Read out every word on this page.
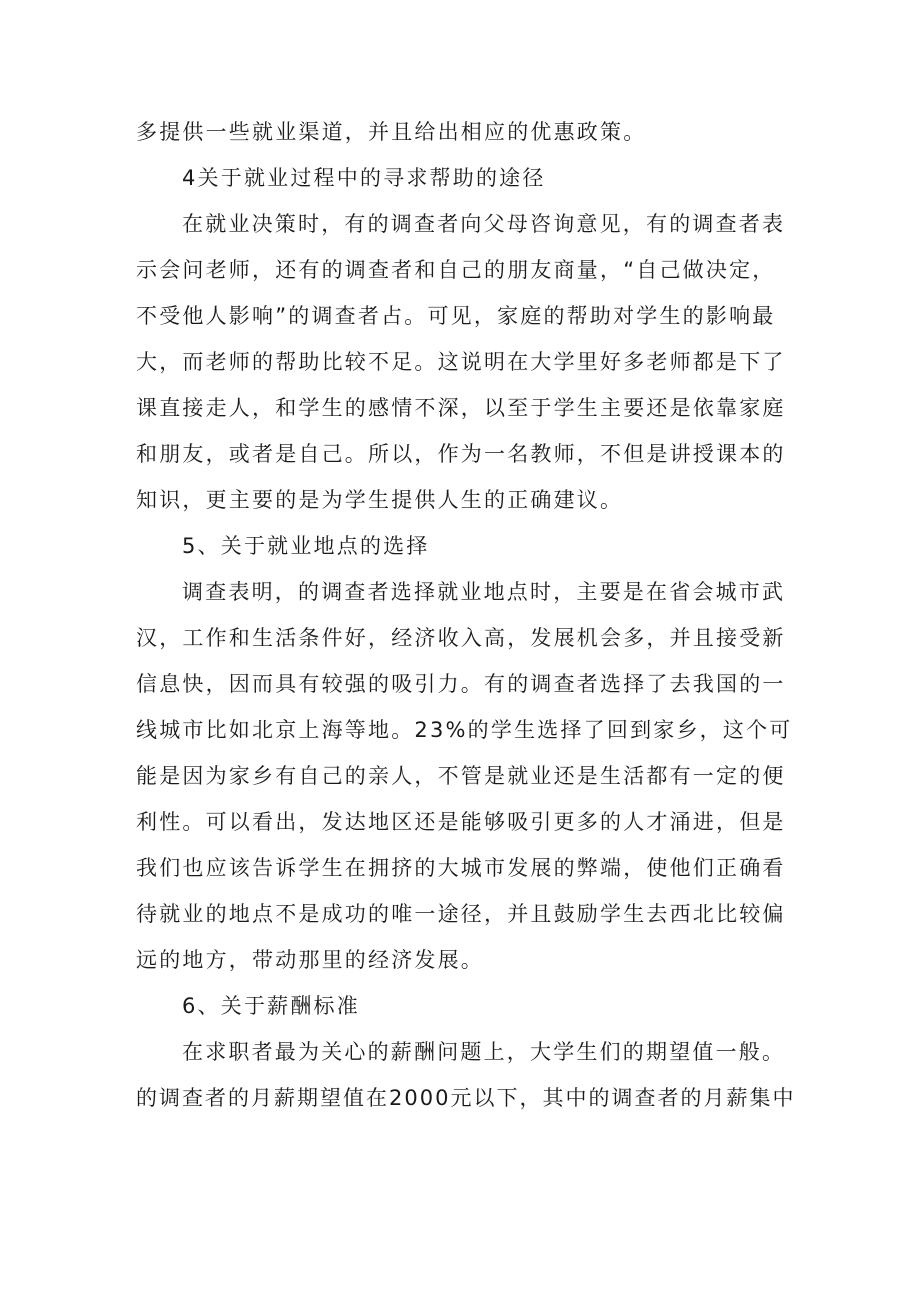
多提供一些就业渠道，并且给出相应的优惠政策。
4关于就业过程中的寻求帮助的途径
在就业决策时，有的调查者向父母咨询意见，有的调查者表
示会问老师，还有的调查者和自己的朋友商量，“自己做决定，
不受他人影响”的调查者占。可见，家庭的帮助对学生的影响最
大，而老师的帮助比较不足。这说明在大学里好多老师都是下了
课直接走人，和学生的感情不深，以至于学生主要还是依靠家庭
和朋友，或者是自己。所以，作为一名教师，不但是讲授课本的
知识，更主要的是为学生提供人生的正确建议。
5、关于就业地点的选择
调查表明，的调查者选择就业地点时，主要是在省会城市武
汉，工作和生活条件好，经济收入高，发展机会多，并且接受新
信息快，因而具有较强的吸引力。有的调查者选择了去我国的一
线城市比如北京上海等地。23%的学生选择了回到家乡，这个可
能是因为家乡有自己的亲人，不管是就业还是生活都有一定的便
利性。可以看出，发达地区还是能够吸引更多的人才涌进，但是
我们也应该告诉学生在拥挤的大城市发展的弊端，使他们正确看
待就业的地点不是成功的唯一途径，并且鼓励学生去西北比较偏
远的地方，带动那里的经济发展。
6、关于薪酬标准
在求职者最为关心的薪酬问题上，大学生们的期望值一般。
的调查者的月薪期望值在2000元以下，其中的调查者的月薪集中
